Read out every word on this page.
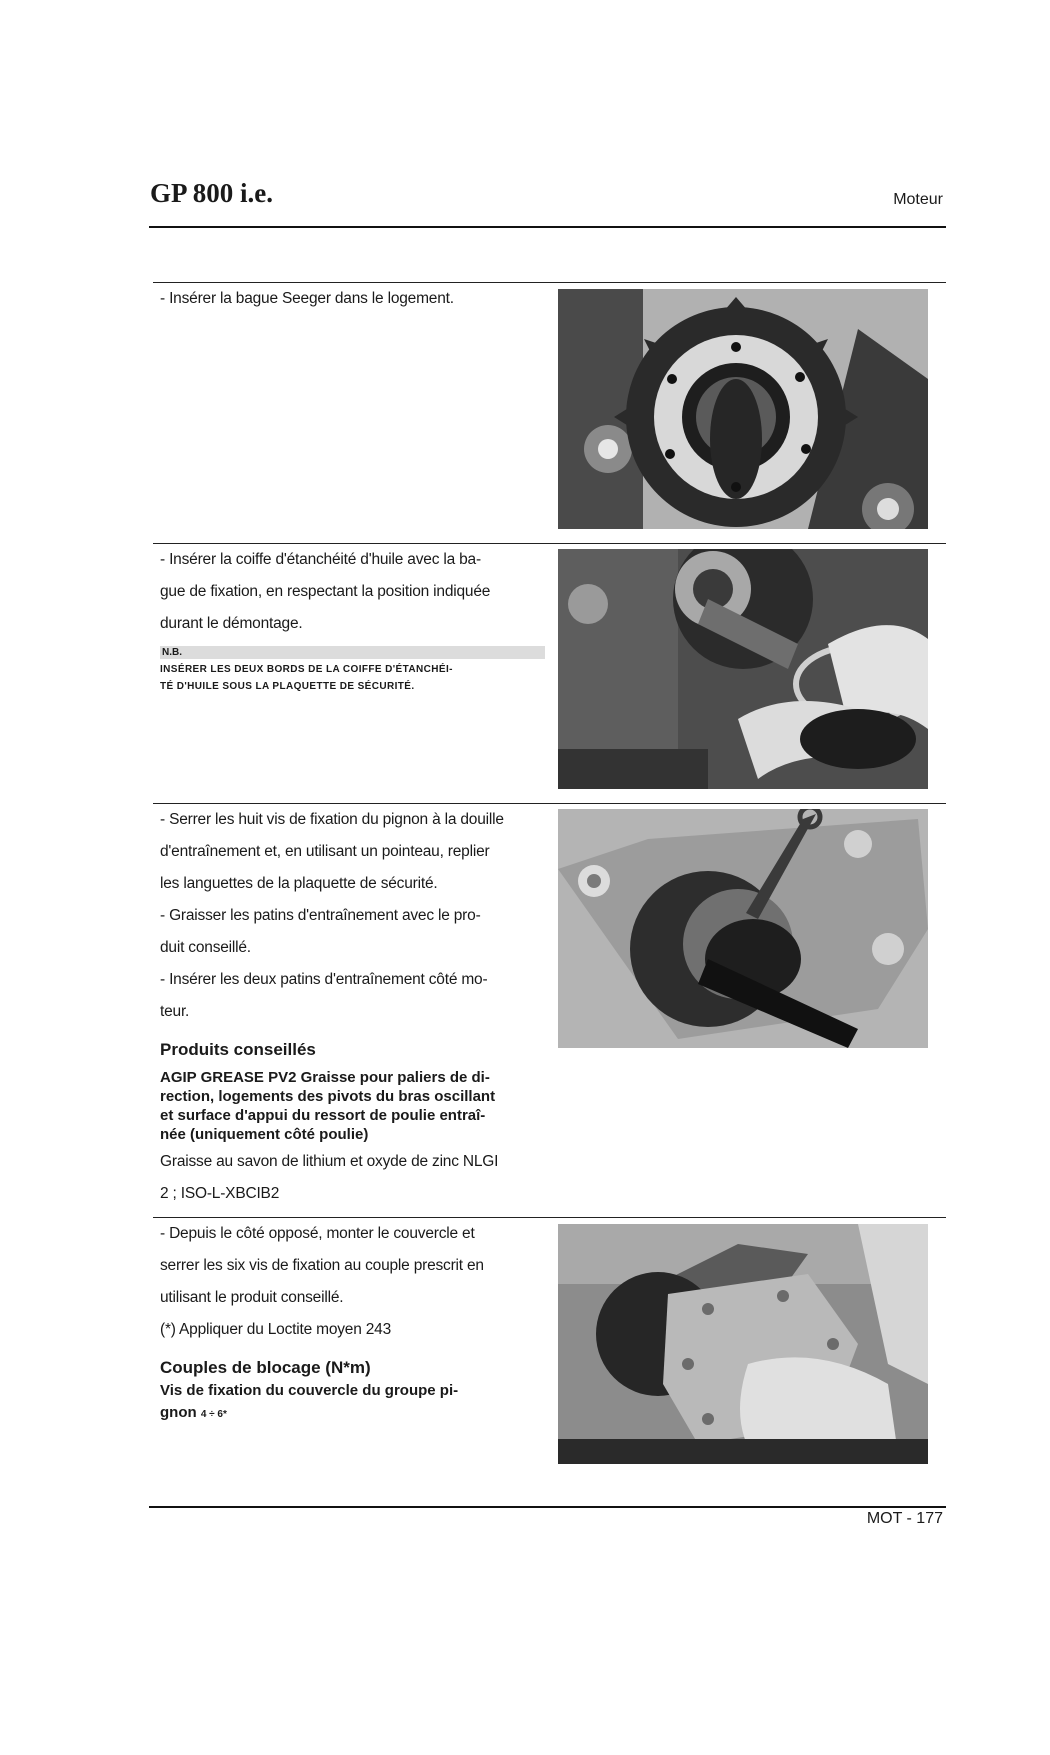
GP 800 i.e.	Moteur

- Insérer la bague Seeger dans le logement.

- Insérer la coiffe d'étanchéité d'huile avec la ba-

gue de fixation, en respectant la position indiquée

durant le démontage.

N.B.
INSÉRER LES DEUX BORDS DE LA COIFFE D'ÉTANCHÉI-
TÉ D'HUILE SOUS LA PLAQUETTE DE SÉCURITÉ.

- Serrer les huit vis de fixation du pignon à la douille

d'entraînement et, en utilisant un pointeau, replier

les languettes de la plaquette de sécurité.

- Graisser les patins d'entraînement avec le pro-

duit conseillé.

- Insérer les deux patins d'entraînement côté mo-

teur.

Produits conseillés
AGIP GREASE PV2 Graisse pour paliers de di-
rection, logements des pivots du bras oscillant
et surface d'appui du ressort de poulie entraî-
née (uniquement côté poulie)
Graisse au savon de lithium et oxyde de zinc NLGI
2 ; ISO-L-XBCIB2

- Depuis le côté opposé, monter le couvercle et

serrer les six vis de fixation au couple prescrit en

utilisant le produit conseillé.

(*) Appliquer du Loctite moyen 243

Couples de blocage (N*m)
Vis de fixation du couvercle du groupe pi-
gnon 4 ÷ 6*
MOT - 177
